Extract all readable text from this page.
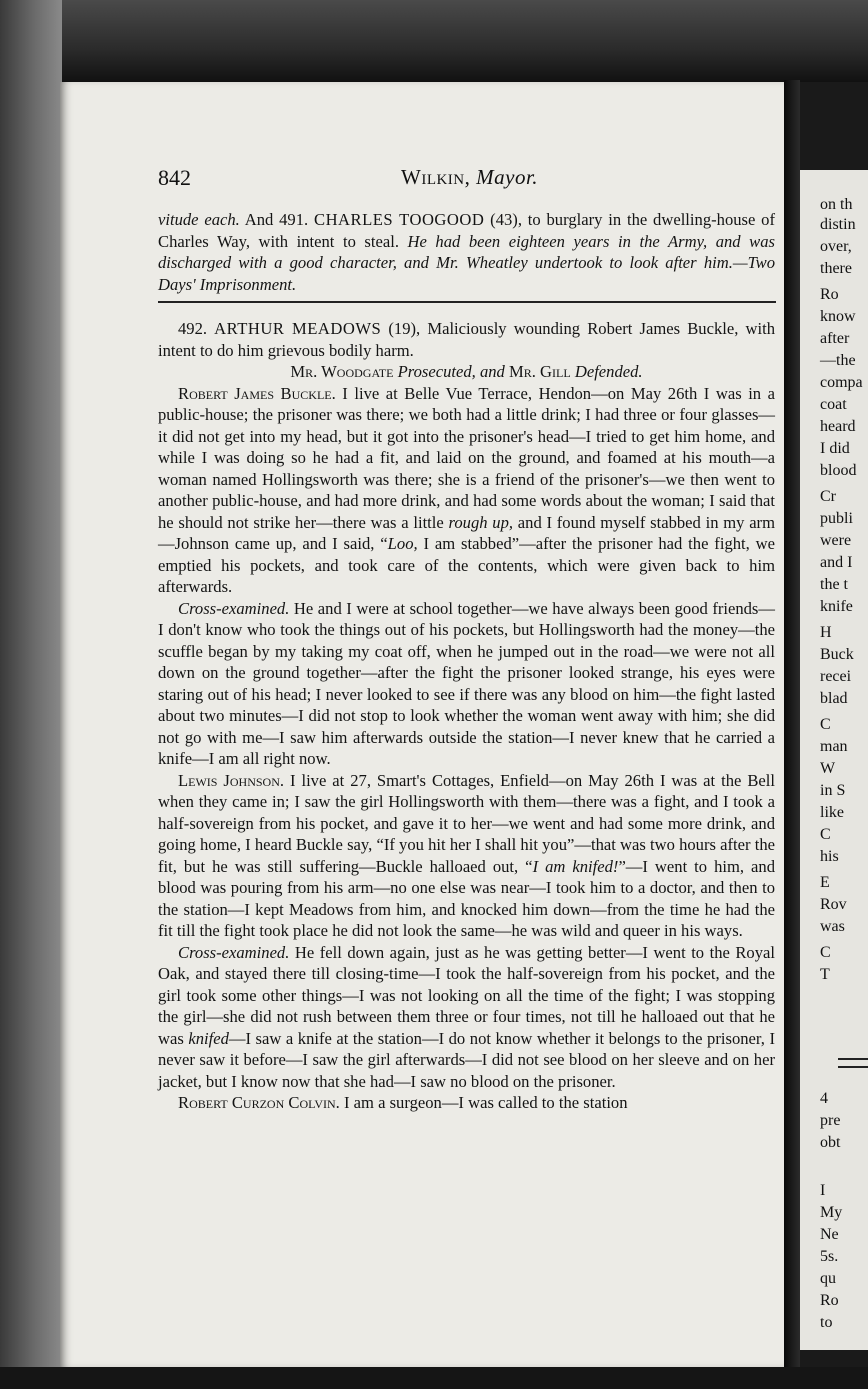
on th
distin
over,
there
Ro
know
after
—the
compa
coat
heard
I did
blood
Cr
publi
were
and I
the t
knife
H
Buck
recei
blad
C
man
W
in S
like
C
his
E
Rov
was
C
T
4
pre
obt
I
My
Ne
5s.
qu
Ro
to
842	Wilkin, Mayor.

vitude each. And 491. CHARLES TOOGOOD (43), to burglary in the dwelling-house of Charles Way, with intent to steal. He had been eighteen years in the Army, and was discharged with a good character, and Mr. Wheatley undertook to look after him.—Two Days' Imprisonment.

492. ARTHUR MEADOWS (19), Maliciously wounding Robert James Buckle, with intent to do him grievous bodily harm.

Mr. Woodgate Prosecuted, and Mr. Gill Defended.

Robert James Buckle. I live at Belle Vue Terrace, Hendon—on May 26th I was in a public-house; the prisoner was there; we both had a little drink; I had three or four glasses—it did not get into my head, but it got into the prisoner's head—I tried to get him home, and while I was doing so he had a fit, and laid on the ground, and foamed at his mouth—a woman named Hollingsworth was there; she is a friend of the prisoner's—we then went to another public-house, and had more drink, and had some words about the woman; I said that he should not strike her—there was a little rough up, and I found myself stabbed in my arm—Johnson came up, and I said, “Loo, I am stabbed”—after the prisoner had the fight, we emptied his pockets, and took care of the contents, which were given back to him afterwards.

Cross-examined. He and I were at school together—we have always been good friends—I don't know who took the things out of his pockets, but Hollingsworth had the money—the scuffle began by my taking my coat off, when he jumped out in the road—we were not all down on the ground together—after the fight the prisoner looked strange, his eyes were staring out of his head; I never looked to see if there was any blood on him—the fight lasted about two minutes—I did not stop to look whether the woman went away with him; she did not go with me—I saw him afterwards outside the station—I never knew that he carried a knife—I am all right now.

Lewis Johnson. I live at 27, Smart's Cottages, Enfield—on May 26th I was at the Bell when they came in; I saw the girl Hollingsworth with them—there was a fight, and I took a half-sovereign from his pocket, and gave it to her—we went and had some more drink, and going home, I heard Buckle say, “If you hit her I shall hit you”—that was two hours after the fit, but he was still suffering—Buckle halloaed out, “I am knifed!”—I went to him, and blood was pouring from his arm—no one else was near—I took him to a doctor, and then to the station—I kept Meadows from him, and knocked him down—from the time he had the fit till the fight took place he did not look the same—he was wild and queer in his ways.

Cross-examined. He fell down again, just as he was getting better—I went to the Royal Oak, and stayed there till closing-time—I took the half-sovereign from his pocket, and the girl took some other things—I was not looking on all the time of the fight; I was stopping the girl—she did not rush between them three or four times, not till he halloaed out that he was knifed—I saw a knife at the station—I do not know whether it belongs to the prisoner, I never saw it before—I saw the girl afterwards—I did not see blood on her sleeve and on her jacket, but I know now that she had—I saw no blood on the prisoner.

Robert Curzon Colvin. I am a surgeon—I was called to the station
